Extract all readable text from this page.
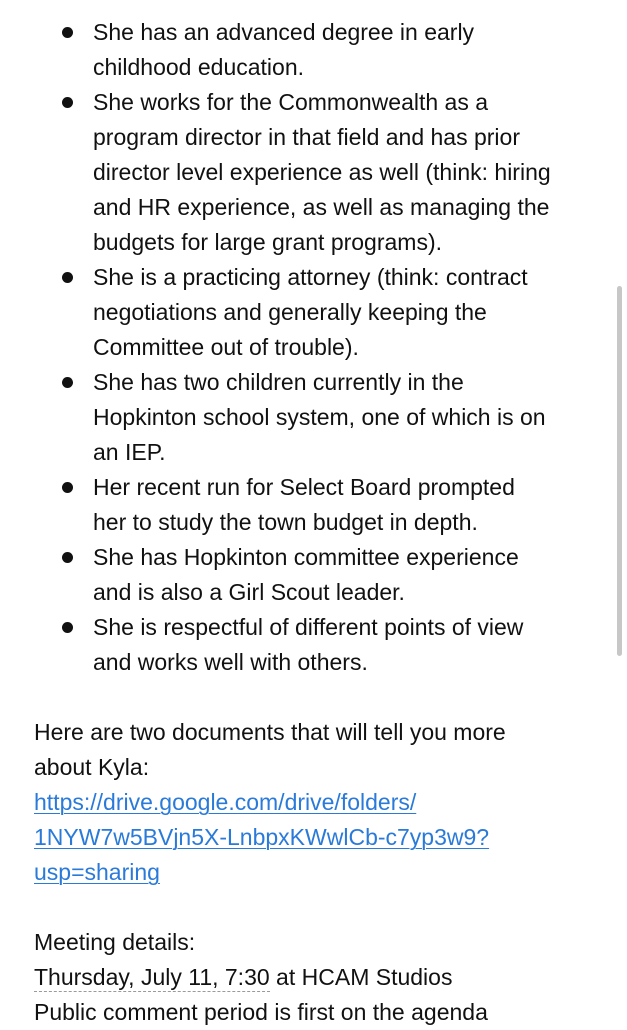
She has an advanced degree in early
childhood education.
She works for the Commonwealth as a
program director in that field and has prior
director level experience as well (think: hiring
and HR experience, as well as managing the
budgets for large grant programs).
She is a practicing attorney (think: contract
negotiations and generally keeping the
Committee out of trouble).
She has two children currently in the
Hopkinton school system, one of which is on
an IEP.
Her recent run for Select Board prompted
her to study the town budget in depth.
She has Hopkinton committee experience
and is also a Girl Scout leader.
She is respectful of different points of view
and works well with others.
Here are two documents that will tell you more
about Kyla:
https://drive.google.com/drive/folders/
1NYW7w5BVjn5X-LnbpxKWwlCb-c7yp3w9?
usp=sharing
Meeting details:
Thursday, July 11, 7:30 at HCAM Studios
Public comment period is first on the agenda
